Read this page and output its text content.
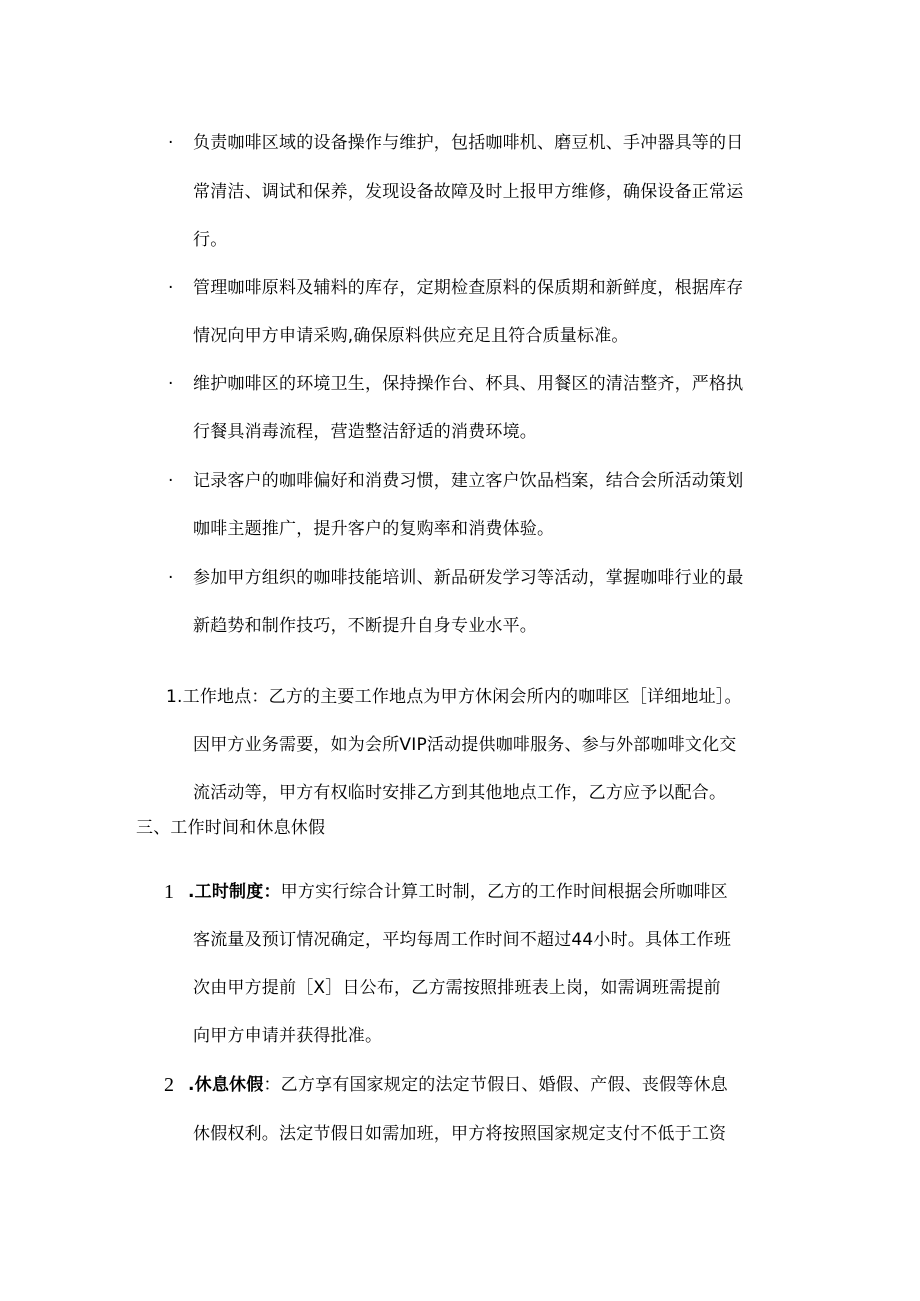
· 负责咖啡区域的设备操作与维护，包括咖啡机、磨豆机、手冲器具等的日
常清洁、调试和保养，发现设备故障及时上报甲方维修，确保设备正常运
行。
· 管理咖啡原料及辅料的库存，定期检查原料的保质期和新鲜度，根据库存
情况向甲方申请采购,确保原料供应充足且符合质量标准。
· 维护咖啡区的环境卫生，保持操作台、杯具、用餐区的清洁整齐，严格执
行餐具消毒流程，营造整洁舒适的消费环境。
· 记录客户的咖啡偏好和消费习惯，建立客户饮品档案，结合会所活动策划
咖啡主题推广，提升客户的复购率和消费体验。
· 参加甲方组织的咖啡技能培训、新品研发学习等活动，掌握咖啡行业的最
新趋势和制作技巧，不断提升自身专业水平。
1.工作地点：乙方的主要工作地点为甲方休闲会所内的咖啡区［详细地址］。
因甲方业务需要，如为会所VIP活动提供咖啡服务、参与外部咖啡文化交
流活动等，甲方有权临时安排乙方到其他地点工作，乙方应予以配合。
三、工作时间和休息休假
1 .工时制度：甲方实行综合计算工时制，乙方的工作时间根据会所咖啡区
客流量及预订情况确定，平均每周工作时间不超过44小时。具体工作班
次由甲方提前［X］日公布，乙方需按照排班表上岗，如需调班需提前
向甲方申请并获得批准。
2 .休息休假：乙方享有国家规定的法定节假日、婚假、产假、丧假等休息
休假权利。法定节假日如需加班，甲方将按照国家规定支付不低于工资
